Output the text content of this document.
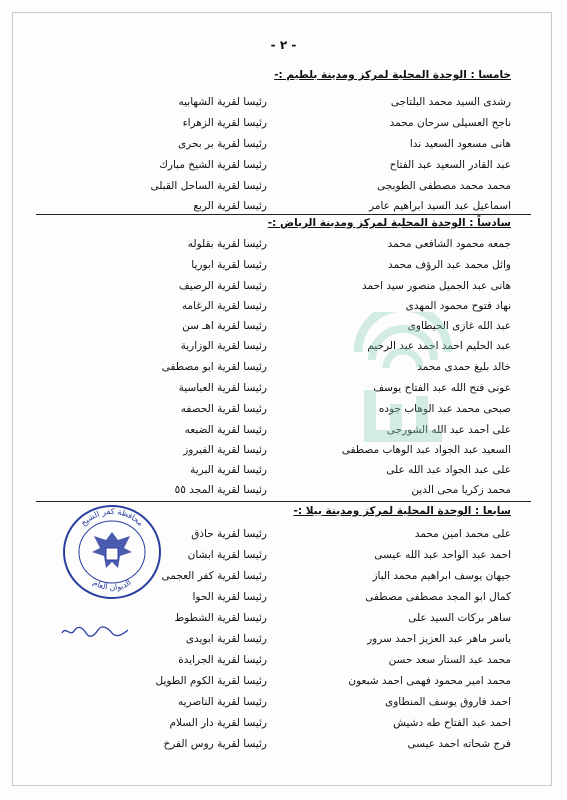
- ٢ -
خامسا : الوحدة المحلية لمركز ومدينة بلطيم :-
رشدى السيد محمد البلتاجى
رئيساً لقرية الشهابيه
ناجح العسيلى سرحان محمد
رئيساً لقرية الزهراء
هانى مسعود السعيد ندا
رئيساً لقرية بر بحرى
عبد القادر السعيد عبد الفتاح
رئيساً لقرية الشيخ مبارك
محمد محمد مصطفى الطوبجى
رئيساً لقرية الساحل القبلى
اسماعيل عبد السيد ابراهيم عامر
رئيساً لقرية الربع
سادساً : الوحدة المحلية لمركز ومدينة الرياض :-
جمعه محمود الشافعى محمد
رئيساً لقرية بقلوله
وائل محمد عبد الرؤف محمد
رئيساً لقرية ابوريا
هانى عبد الجميل منصور سيد احمد
رئيساً لقرية الرصيف
نهاد فتوح محمود المهدى
رئيساً لقرية الرغامه
عبد الله غازى الحيطاوى
رئيساً لقرية اهـ سن
عبد الحليم احمد احمد عبد الرحيم
رئيساً لقرية الوزارية
خالد بليغ حمدى محمد
رئيساً لقرية ابو مصطفى
عونى فتح الله عبد الفتاح يوسف
رئيساً لقرية العباسية
صبحى محمد عبد الوهاب جوده
رئيساً لقرية الحصفه
على أحمد عبد الله الشورجى
رئيساً لقرية الضبعه
السعيد عبد الجواد عبد الوهاب مصطفى
رئيساً لقرية الفيروز
على عبد الجواد عبد الله على
رئيساً لقرية البرية
محمد زكريا محى الدين
رئيساً لقرية المجد ٥٥
سابعا : الوحدة المحلية لمركز ومدينة بيلا :-
على محمد امين محمد
رئيساً لقرية حاذق
احمد عبد الواحد عبد الله عيسى
رئيساً لقرية ابشان
جيهان يوسف ابراهيم محمد الباز
رئيساً لقرية كفر العجمى
كمال ابو المجد مصطفى مصطفى
رئيساً لقرية الحوا
ساهر بركات السيد على
رئيساً لقرية الشطوط
ياسر ماهر عبد العزيز احمد سرور
رئيساً لقرية ابويدى
محمد عبد الستار سعد حسن
رئيساً لقرية الجرايدة
محمد امير محمود فهمى احمد شبعون
رئيساً لقرية الكوم الطويل
احمد فاروق يوسف المنطاوى
رئيساً لقرية الناصريه
احمد عبد الفتاح طه دشيش
رئيساً لقرية دار السلام
فرج شحاته احمد عيسى
رئيساً لقرية روس الفرخ
محافظة كفر الشيخ
الديوان العام
